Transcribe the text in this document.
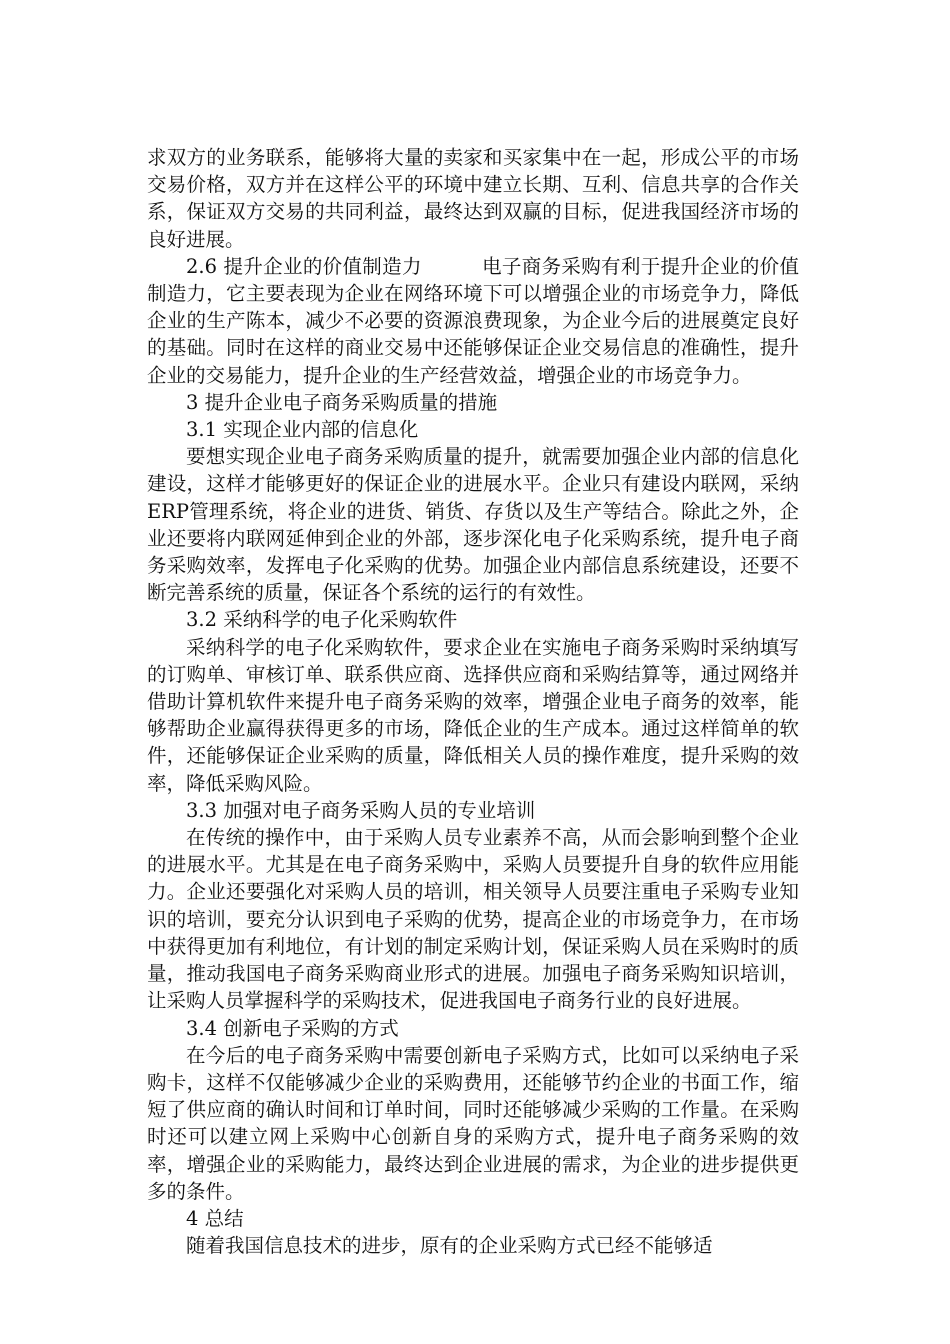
求双方的业务联系，能够将大量的卖家和买家集中在一起，形成公平的市场交易价格，双方并在这样公平的环境中建立长期、互利、信息共享的合作关系，保证双方交易的共同利益，最终达到双赢的目标，促进我国经济市场的良好进展。

2.6 提升企业的价值制造力	电子商务采购有利于提升企业的价值制造力，它主要表现为企业在网络环境下可以增强企业的市场竞争力，降低企业的生产陈本，减少不必要的资源浪费现象，为企业今后的进展奠定良好的基础。同时在这样的商业交易中还能够保证企业交易信息的准确性，提升企业的交易能力，提升企业的生产经营效益，增强企业的市场竞争力。

3 提升企业电子商务采购质量的措施

3.1 实现企业内部的信息化

要想实现企业电子商务采购质量的提升，就需要加强企业内部的信息化建设，这样才能够更好的保证企业的进展水平。企业只有建设内联网，采纳ERP管理系统，将企业的进货、销货、存货以及生产等结合。除此之外，企业还要将内联网延伸到企业的外部，逐步深化电子化采购系统，提升电子商务采购效率，发挥电子化采购的优势。加强企业内部信息系统建设，还要不断完善系统的质量，保证各个系统的运行的有效性。

3.2 采纳科学的电子化采购软件

采纳科学的电子化采购软件，要求企业在实施电子商务采购时采纳填写的订购单、审核订单、联系供应商、选择供应商和采购结算等，通过网络并借助计算机软件来提升电子商务采购的效率，增强企业电子商务的效率，能够帮助企业赢得获得更多的市场，降低企业的生产成本。通过这样简单的软件，还能够保证企业采购的质量，降低相关人员的操作难度，提升采购的效率，降低采购风险。

3.3 加强对电子商务采购人员的专业培训

在传统的操作中，由于采购人员专业素养不高，从而会影响到整个企业的进展水平。尤其是在电子商务采购中，采购人员要提升自身的软件应用能力。企业还要强化对采购人员的培训，相关领导人员要注重电子采购专业知识的培训，要充分认识到电子采购的优势，提高企业的市场竞争力，在市场中获得更加有利地位，有计划的制定采购计划，保证采购人员在采购时的质量，推动我国电子商务采购商业形式的进展。加强电子商务采购知识培训，让采购人员掌握科学的采购技术，促进我国电子商务行业的良好进展。

3.4 创新电子采购的方式

在今后的电子商务采购中需要创新电子采购方式，比如可以采纳电子采购卡，这样不仅能够减少企业的采购费用，还能够节约企业的书面工作，缩短了供应商的确认时间和订单时间，同时还能够减少采购的工作量。在采购时还可以建立网上采购中心创新自身的采购方式，提升电子商务采购的效率，增强企业的采购能力，最终达到企业进展的需求，为企业的进步提供更多的条件。

4 总结

随着我国信息技术的进步，原有的企业采购方式已经不能够适
